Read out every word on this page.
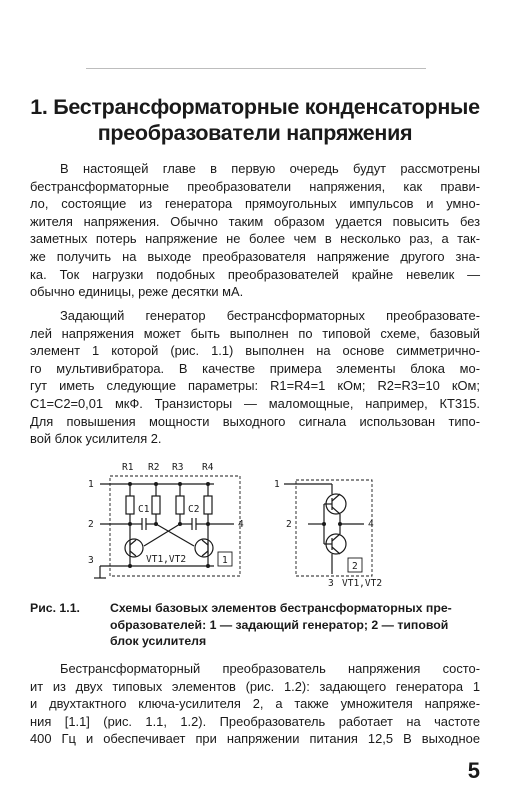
1. Бестрансформаторные конденсаторные
преобразователи напряжения

В настоящей главе в первую очередь будут рассмотрены
бестрансформаторные преобразователи напряжения, как прави-
ло, состоящие из генератора прямоугольных импульсов и умно-
жителя напряжения. Обычно таким образом удается повысить без
заметных потерь напряжение не более чем в несколько раз, а так-
же получить на выходе преобразователя напряжение другого зна-
ка. Ток нагрузки подобных преобразователей крайне невелик —
обычно единицы, реже десятки мА.

Задающий генератор бестрансформаторных преобразовате-
лей напряжения может быть выполнен по типовой схеме, базовый
элемент 1 которой (рис. 1.1) выполнен на основе симметрично-
го мультивибратора. В качестве примера элементы блока мо-
гут иметь следующие параметры: R1=R4=1 кОм; R2=R3=10 кОм;
C1=C2=0,01 мкФ. Транзисторы — маломощные, например, КТ315.
Для повышения мощности выходного сигнала использован типо-
вой блок усилителя 2.

R1 R2 R3 R4
C1	C2
1
2
3
4
VT1,VT2	1
1
2
3
4
VT1,VT2
2
Рис. 1.1. Схемы базовых элементов бестрансформаторных пре-
образователей: 1 — задающий генератор; 2 — типовой
блок усилителя

Бестрансформаторный преобразователь напряжения состо-
ит из двух типовых элементов (рис. 1.2): задающего генератора 1
и двухтактного ключа-усилителя 2, а также умножителя напряже-
ния [1.1] (рис. 1.1, 1.2). Преобразователь работает на частоте
400 Гц и обеспечивает при напряжении питания 12,5 В выходное

5
